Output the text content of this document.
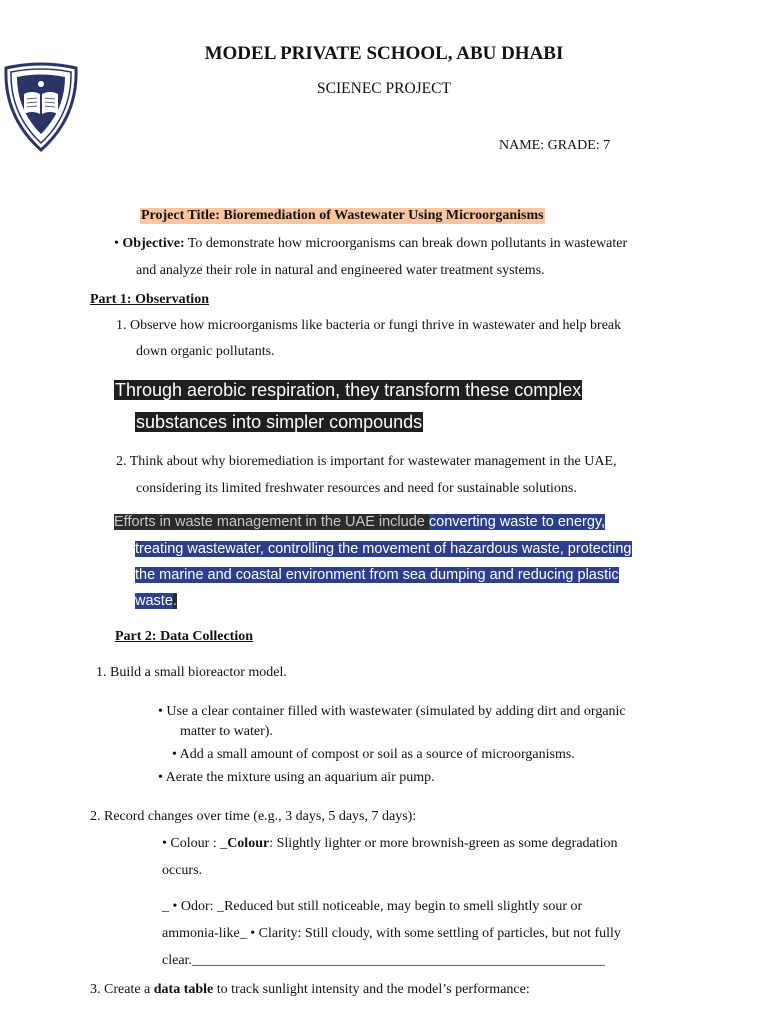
MODEL PRIVATE SCHOOL, ABU DHABI
SCIENEC PROJECT
NAME: GRADE: 7
Project Title: Bioremediation of Wastewater Using Microorganisms
• Objective: To demonstrate how microorganisms can break down pollutants in wastewater
and analyze their role in natural and engineered water treatment systems.
Part 1: Observation
1. Observe how microorganisms like bacteria or fungi thrive in wastewater and help break
down organic pollutants.
Through aerobic respiration, they transform these complex
substances into simpler compounds
2. Think about why bioremediation is important for wastewater management in the UAE,
considering its limited freshwater resources and need for sustainable solutions.
Efforts in waste management in the UAE include converting waste to energy,
treating wastewater, controlling the movement of hazardous waste, protecting
the marine and coastal environment from sea dumping and reducing plastic
waste.
Part 2: Data Collection
1. Build a small bioreactor model.
• Use a clear container filled with wastewater (simulated by adding dirt and organic
matter to water).
• Add a small amount of compost or soil as a source of microorganisms.
• Aerate the mixture using an aquarium air pump.
2. Record changes over time (e.g., 3 days, 5 days, 7 days):
• Colour : _Colour: Slightly lighter or more brownish-green as some degradation
occurs.
_ • Odor: _Reduced but still noticeable, may begin to smell slightly sour or
ammonia-like_ • Clarity: Still cloudy, with some settling of particles, but not fully
clear.___________________________________________________________
3. Create a data table to track sunlight intensity and the model’s performance:
